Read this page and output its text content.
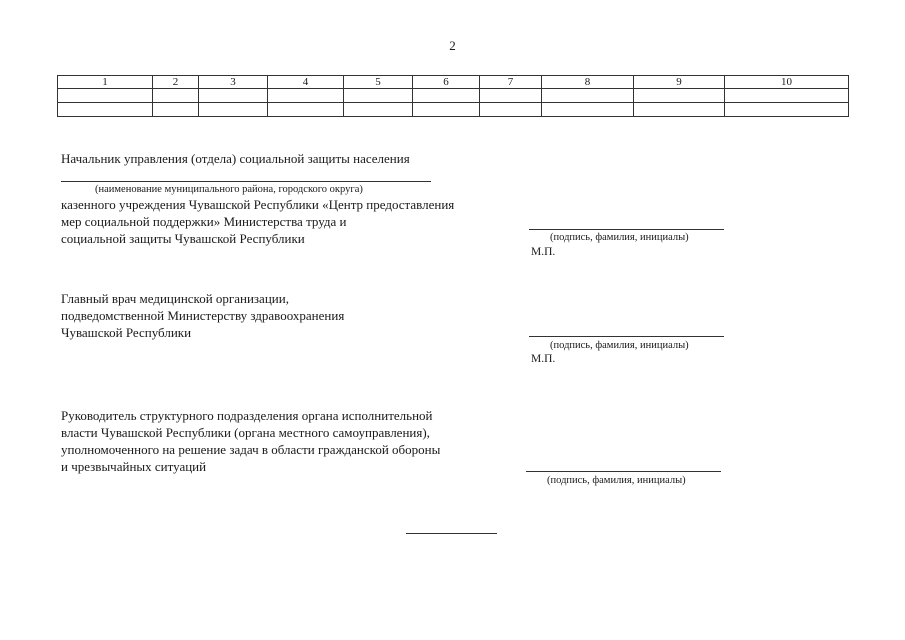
2
1	2	3	4	5	6	7	8	9	10

Начальник управления (отдела) социальной защиты населения
(наименование муниципального района, городского округа)
казенного учреждения Чувашской Республики «Центр предоставления
мер социальной поддержки» Министерства труда и
социальной защиты Чувашской Республики	(подпись, фамилия, инициалы)
М.П.
Главный врач медицинской организации,
подведомственной Министерству здравоохранения
Чувашской Республики
(подпись, фамилия, инициалы)
М.П.
Руководитель структурного подразделения органа исполнительной
власти Чувашской Республики (органа местного самоуправления),
уполномоченного на решение задач в области гражданской обороны
и чрезвычайных ситуаций
(подпись, фамилия, инициалы)
